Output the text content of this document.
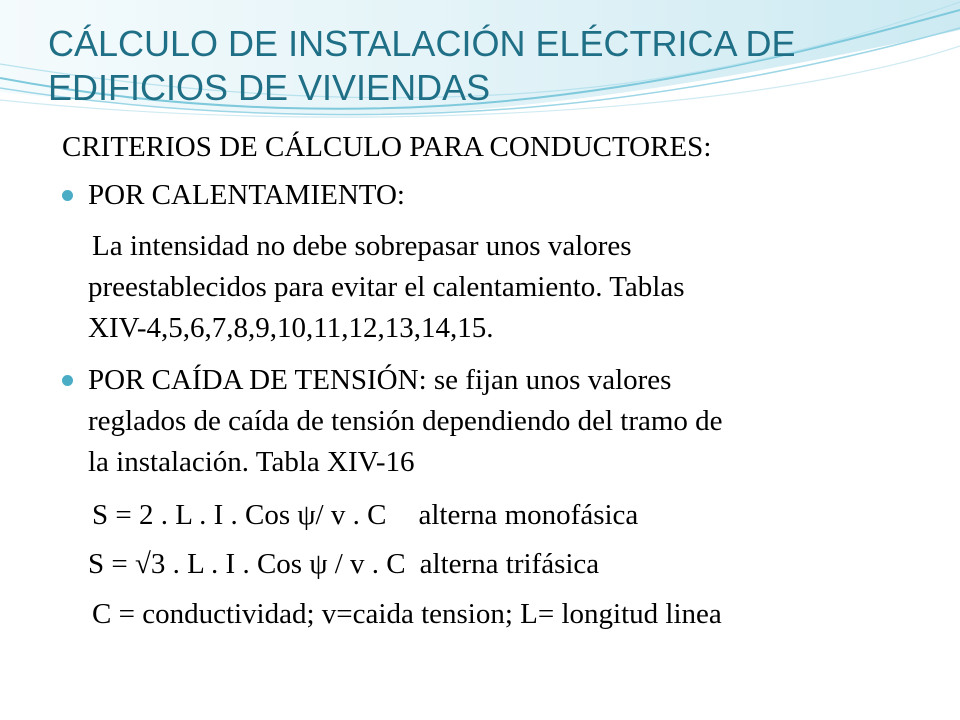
CÁLCULO DE INSTALACIÓN ELÉCTRICA DE
EDIFICIOS DE VIVIENDAS
CRITERIOS DE CÁLCULO PARA CONDUCTORES:
POR CALENTAMIENTO:
La intensidad no debe sobrepasar unos valores
preestablecidos para evitar el calentamiento. Tablas
XIV-4,5,6,7,8,9,10,11,12,13,14,15.
POR CAÍDA DE TENSIÓN: se fijan unos valores
reglados de caída de tensión dependiendo del tramo de
la instalación. Tabla XIV-16
S = 2 . L . I . Cos ψ/ v . C alterna monofásica
S = √3 . L . I . Cos ψ / v . C alterna trifásica
C = conductividad; v=caida tension; L= longitud linea
